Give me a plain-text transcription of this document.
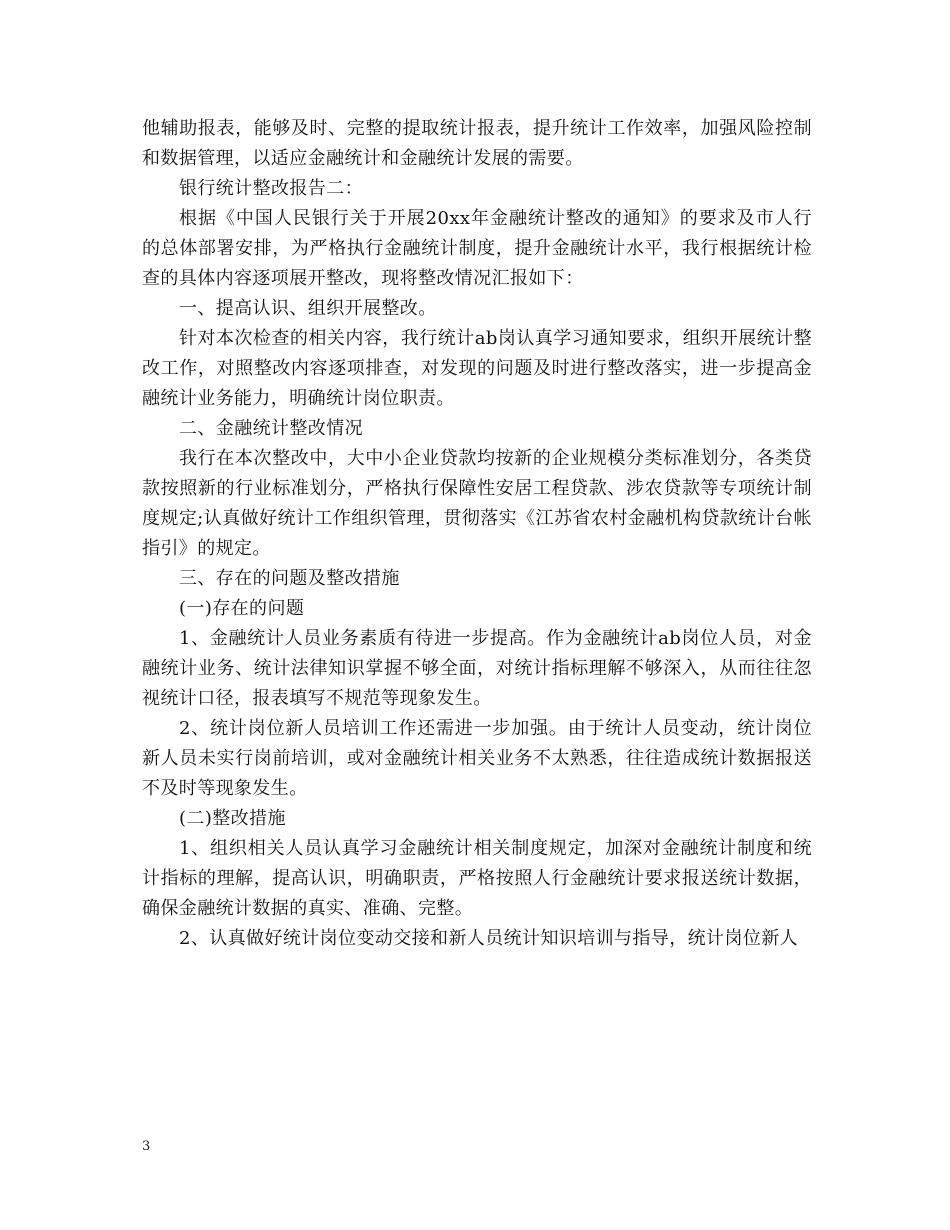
他辅助报表，能够及时、完整的提取统计报表，提升统计工作效率，加强风险控制和数据管理，以适应金融统计和金融统计发展的需要。

银行统计整改报告二：

根据《中国人民银行关于开展20xx年金融统计整改的通知》的要求及市人行的总体部署安排，为严格执行金融统计制度，提升金融统计水平，我行根据统计检查的具体内容逐项展开整改，现将整改情况汇报如下：

一、提高认识、组织开展整改。

针对本次检查的相关内容，我行统计ab岗认真学习通知要求，组织开展统计整改工作，对照整改内容逐项排查，对发现的问题及时进行整改落实，进一步提高金融统计业务能力，明确统计岗位职责。

二、金融统计整改情况

我行在本次整改中，大中小企业贷款均按新的企业规模分类标准划分，各类贷款按照新的行业标准划分，严格执行保障性安居工程贷款、涉农贷款等专项统计制度规定;认真做好统计工作组织管理，贯彻落实《江苏省农村金融机构贷款统计台帐指引》的规定。

三、存在的问题及整改措施

(一)存在的问题

1、金融统计人员业务素质有待进一步提高。作为金融统计ab岗位人员，对金融统计业务、统计法律知识掌握不够全面，对统计指标理解不够深入，从而往往忽视统计口径，报表填写不规范等现象发生。

2、统计岗位新人员培训工作还需进一步加强。由于统计人员变动，统计岗位新人员未实行岗前培训，或对金融统计相关业务不太熟悉，往往造成统计数据报送不及时等现象发生。

(二)整改措施

1、组织相关人员认真学习金融统计相关制度规定，加深对金融统计制度和统计指标的理解，提高认识，明确职责，严格按照人行金融统计要求报送统计数据，确保金融统计数据的真实、准确、完整。

2、认真做好统计岗位变动交接和新人员统计知识培训与指导，统计岗位新人

3
